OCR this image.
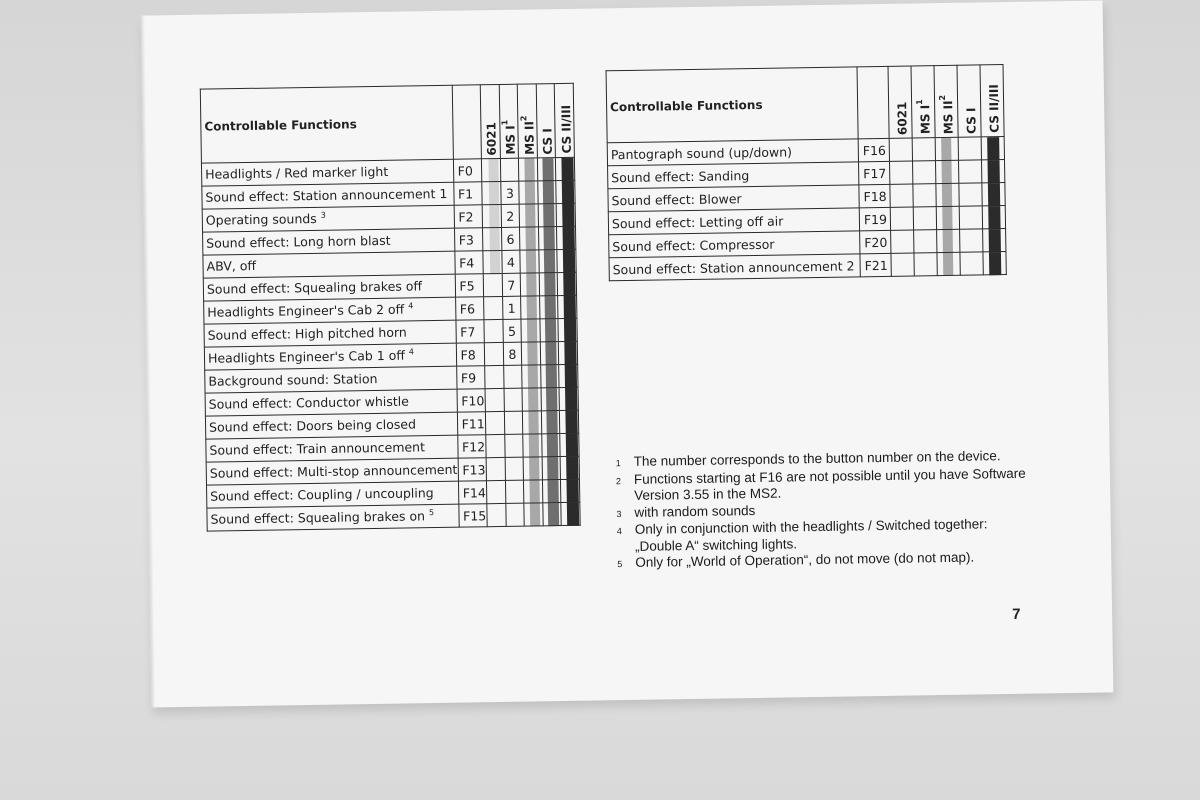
Controllable Functions		6021	MS $I^1$	MS $II^2$	CS I	CS II/III
Headlights / Red marker light	F0					
Sound effect: Station announcement 1	F1		3			
Operating sounds $^3$	F2		2			
Sound effect: Long horn blast	F3		6			
ABV, off	F4		4			
Sound effect: Squealing brakes off	F5		7			
Headlights Engineer's Cab 2 off $^4$	F6		1			
Sound effect: High pitched horn	F7		5			
Headlights Engineer's Cab 1 off $^4$	F8		8			
Background sound: Station	F9					
Sound effect: Conductor whistle	F10					
Sound effect: Doors being closed	F11					
Sound effect: Train announcement	F12					
Sound effect: Multi-stop announcement	F13					
Sound effect: Coupling / uncoupling	F14					
Sound effect: Squealing brakes on $^5$	F15					
Controllable Functions		6021	MS $I^1$	MS $II^2$	CS I	CS II/III
Pantograph sound (up/down)	F16					
Sound effect: Sanding	F17					
Sound effect: Blower	F18					
Sound effect: Letting off air	F19					
Sound effect: Compressor	F20					
Sound effect: Station announcement 2	F21					
1 The number corresponds to the button number on the device.
2 Functions starting at F16 are not possible until you have Software Version 3.55 in the MS2.
3 with random sounds
4 Only in conjunction with the headlights / Switched together: „Double A“ switching lights.
5 Only for „World of Operation“, do not move (do not map).
7
